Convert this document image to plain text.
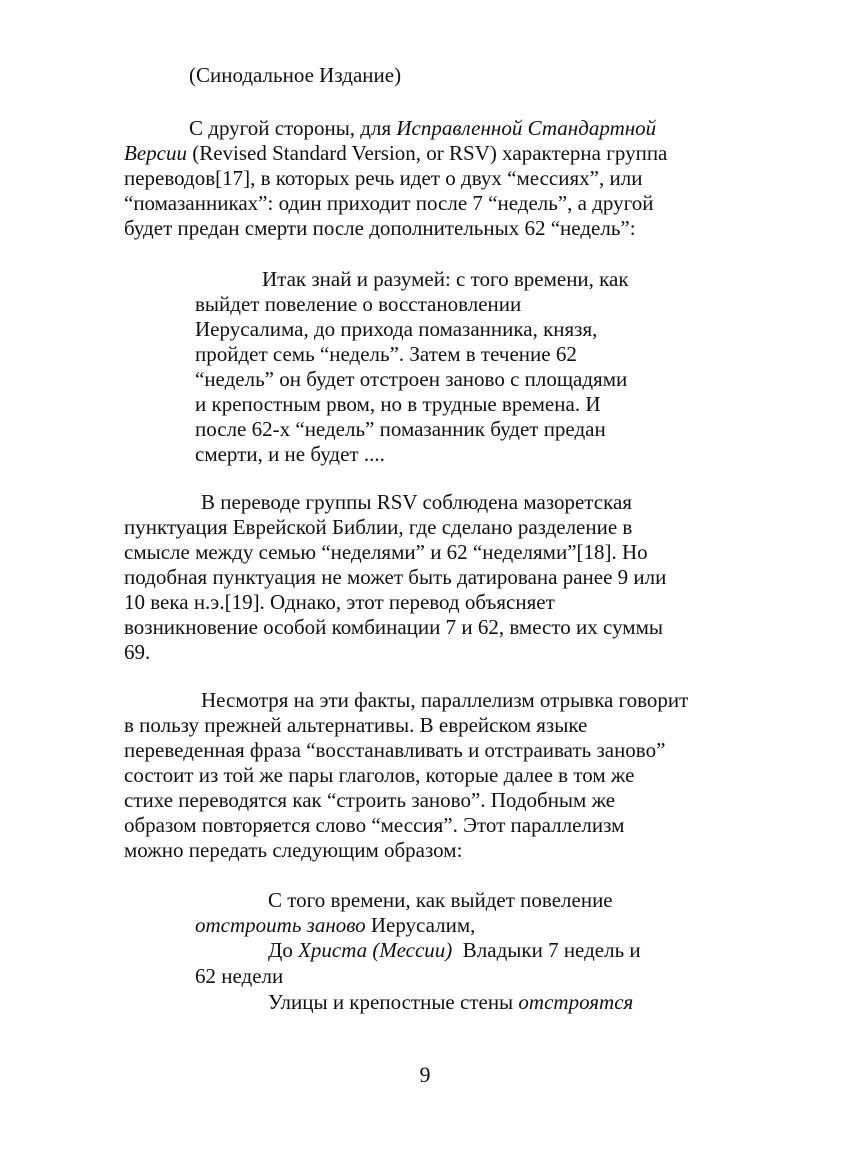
(Синодальное Издание)
С другой стороны, для Исправленной Стандартной
Версии (Revised Standard Version, or RSV) характерна группа
переводов[17], в которых речь идет о двух “мессиях”, или
“помазанниках”: один приходит после 7 “недель”, а другой
будет предан смерти после дополнительных 62 “недель”:
Итак знай и разумей: с того времени, как
выйдет повеление о восстановлении
Иерусалима, до прихода помазанника, князя,
пройдет семь “недель”. Затем в течение 62
“недель” он будет отстроен заново с площадями
и крепостным рвом, но в трудные времена. И
после 62-х “недель” помазанник будет предан
смерти, и не будет ....
В переводе группы RSV соблюдена мазоретская
пунктуация Еврейской Библии, где сделано разделение в
смысле между семью “неделями” и 62 “неделями”[18]. Но
подобная пунктуация не может быть датирована ранее 9 или
10 века н.э.[19]. Однако, этот перевод объясняет
возникновение особой комбинации 7 и 62, вместо их суммы
69.
Несмотря на эти факты, параллелизм отрывка говорит
в пользу прежней альтернативы. В еврейском языке
переведенная фраза “восстанавливать и отстраивать заново”
состоит из той же пары глаголов, которые далее в том же
стихе переводятся как “строить заново”. Подобным же
образом повторяется слово “мессия”. Этот параллелизм
можно передать следующим образом:
С того времени, как выйдет повеление
отстроить заново Иерусалим,
До Христа (Мессии)  Владыки 7 недель и
62 недели
Улицы и крепостные стены отстроятся
9
